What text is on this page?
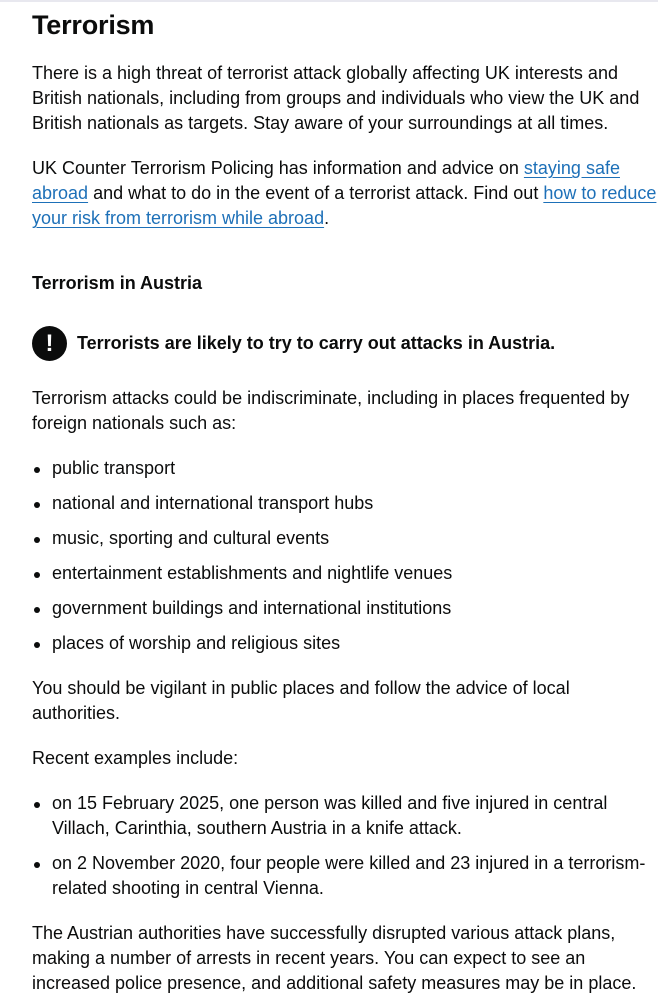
Terrorism

There is a high threat of terrorist attack globally affecting UK interests and British nationals, including from groups and individuals who view the UK and British nationals as targets. Stay aware of your surroundings at all times.

UK Counter Terrorism Policing has information and advice on staying safe abroad and what to do in the event of a terrorist attack. Find out how to reduce your risk from terrorism while abroad.

Terrorism in Austria
!	Terrorists are likely to try to carry out attacks in Austria.

Terrorism attacks could be indiscriminate, including in places frequented by foreign nationals such as:

public transport
national and international transport hubs
music, sporting and cultural events
entertainment establishments and nightlife venues
government buildings and international institutions
places of worship and religious sites

You should be vigilant in public places and follow the advice of local authorities.

Recent examples include:

on 15 February 2025, one person was killed and five injured in central Villach, Carinthia, southern Austria in a knife attack.
on 2 November 2020, four people were killed and 23 injured in a terrorism-related shooting in central Vienna.

The Austrian authorities have successfully disrupted various attack plans, making a number of arrests in recent years. You can expect to see an increased police presence, and additional safety measures may be in place.
